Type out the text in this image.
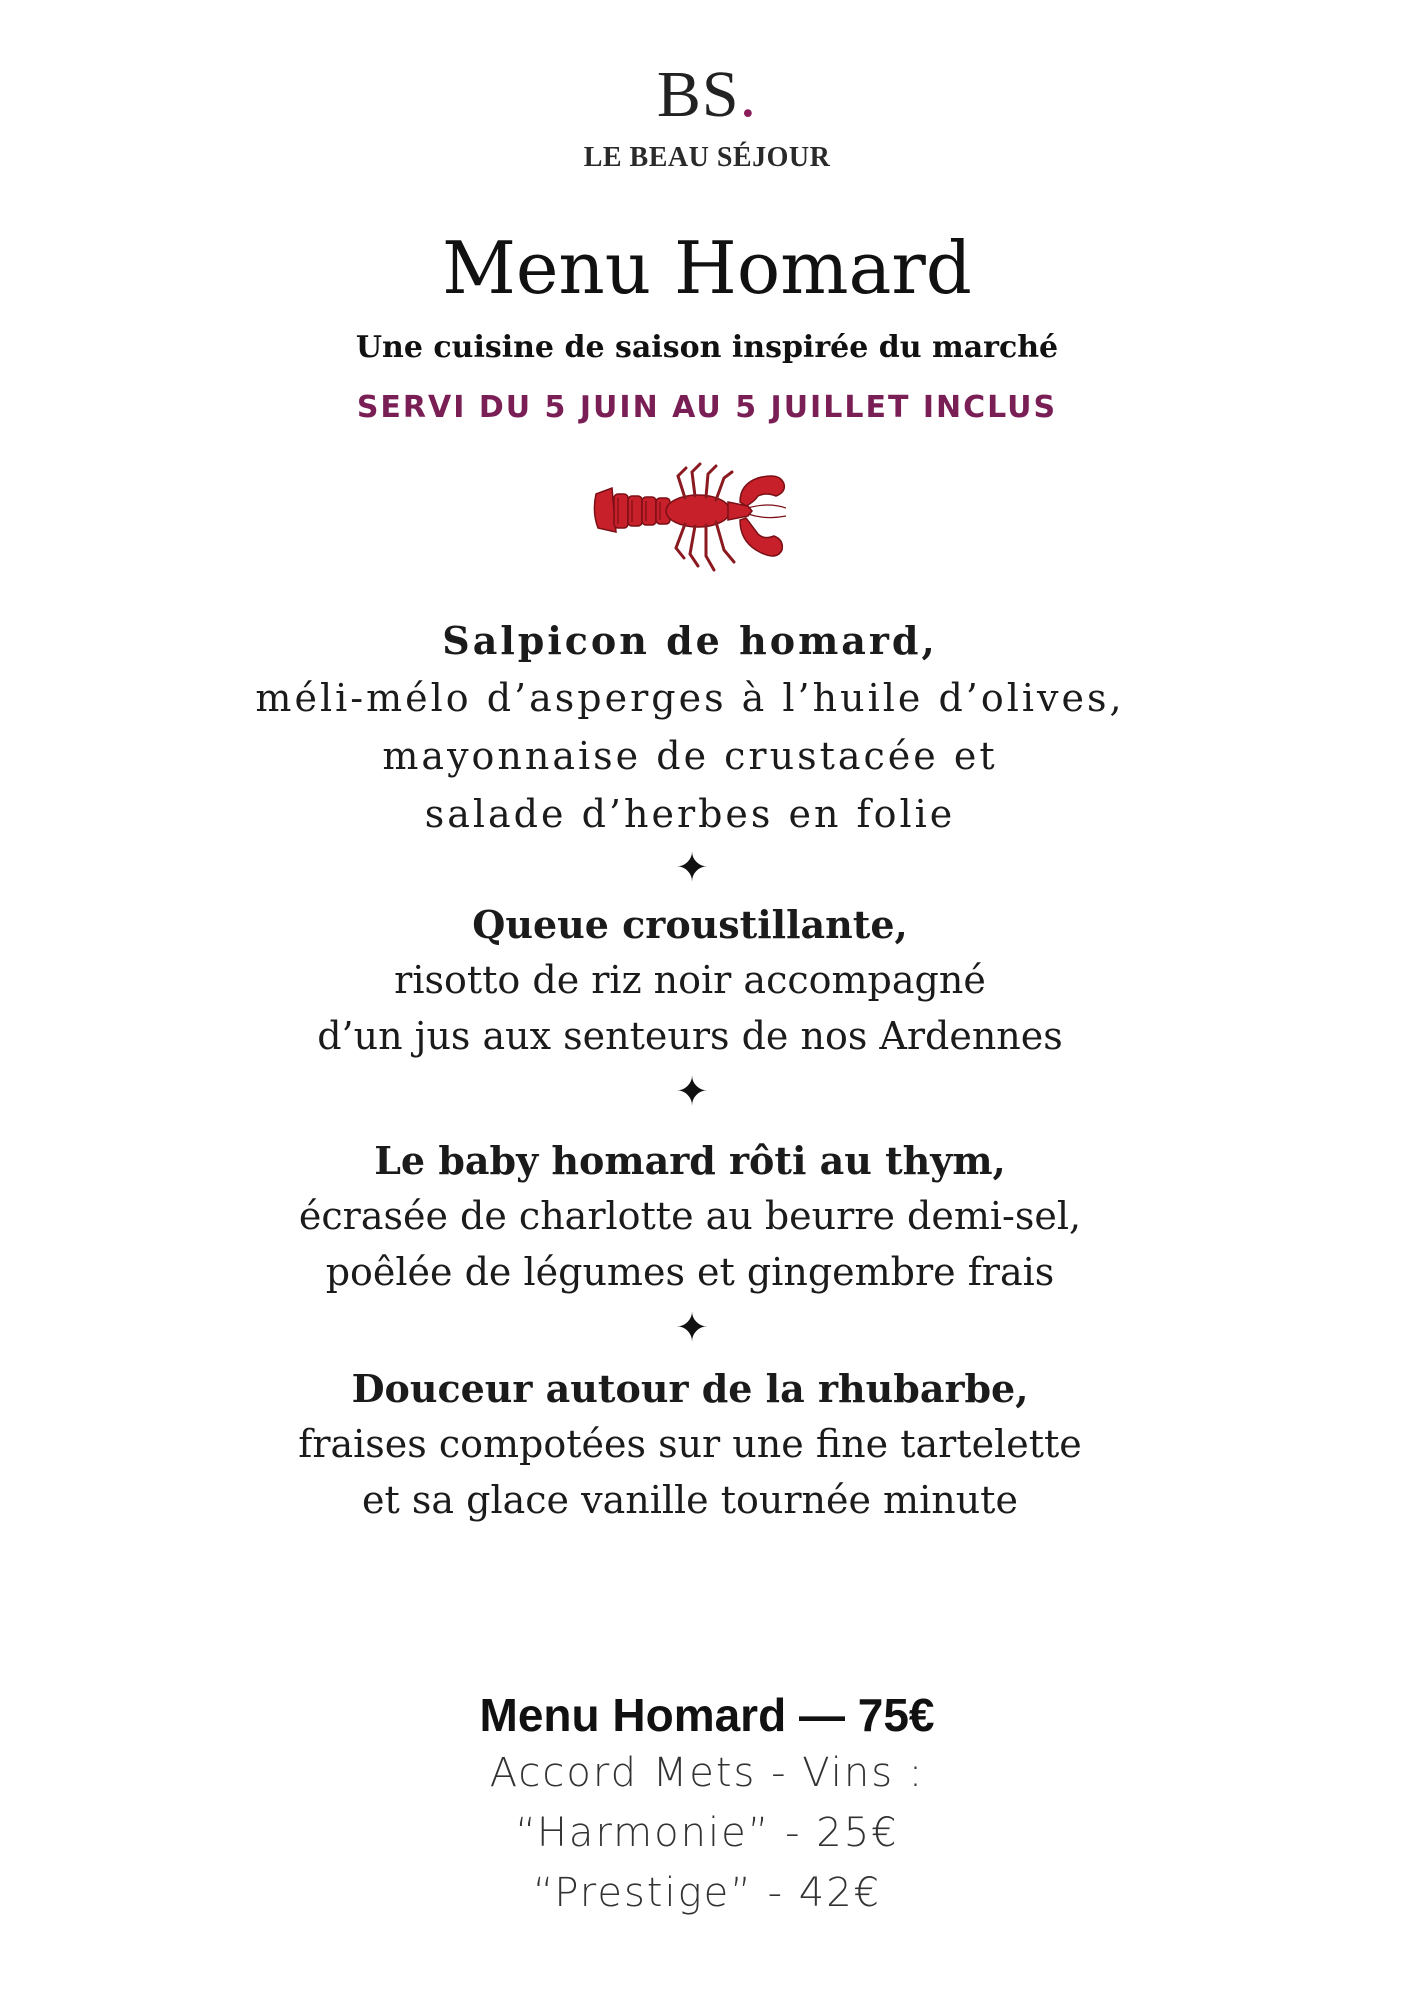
BS.
LE BEAU SÉJOUR
Menu Homard
Une cuisine de saison inspirée du marché
SERVI DU 5 JUIN AU 5 JUILLET INCLUS
Salpicon de homard,
méli-mélo d’asperges à l’huile d’olives,
mayonnaise de crustacée et
salade d’herbes en folie
✦
Queue croustillante,
risotto de riz noir accompagné
d’un jus aux senteurs de nos Ardennes
✦
Le baby homard rôti au thym,
écrasée de charlotte au beurre demi-sel,
poêlée de légumes et gingembre frais
✦
Douceur autour de la rhubarbe,
fraises compotées sur une fine tartelette
et sa glace vanille tournée minute
Menu Homard — 75€
Accord Mets - Vins :
“Harmonie” - 25€
“Prestige” - 42€
